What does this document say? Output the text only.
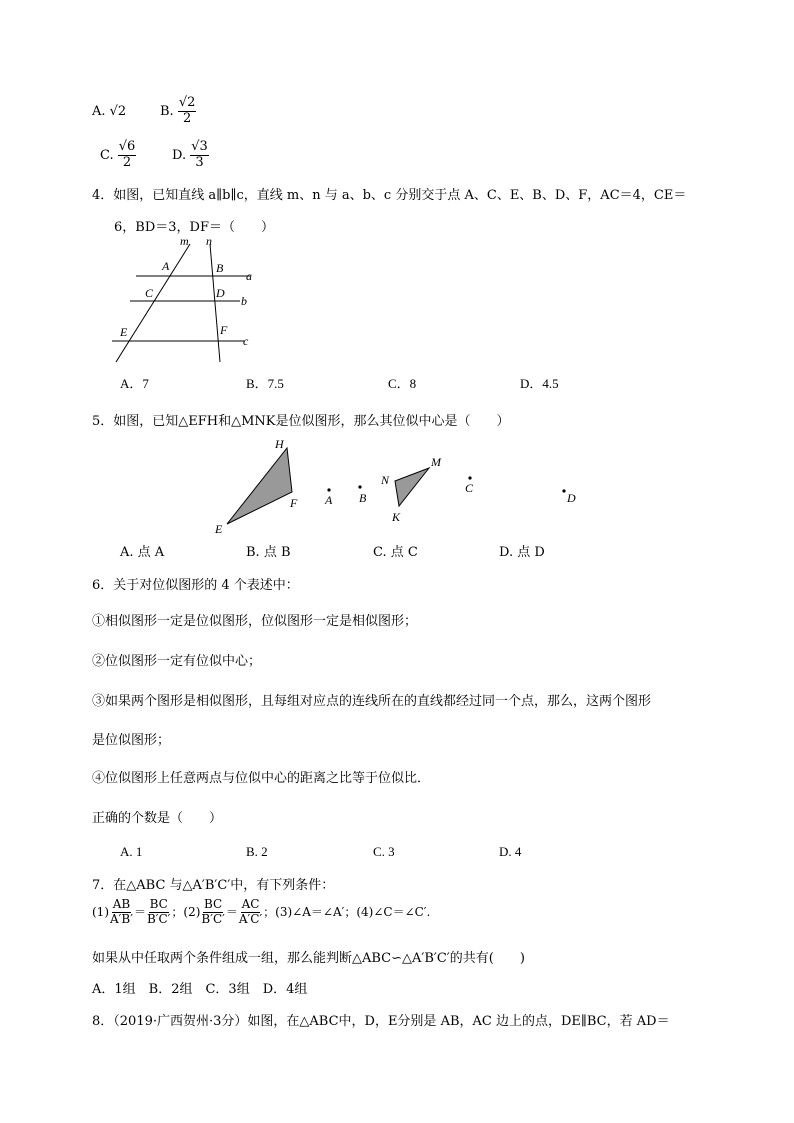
A. √2	B. $\frac{√2}{2}$
C. $\frac{√6}{2}$	D. $\frac{√3}{3}$
4．如图，已知直线 a∥b∥c，直线 m、n 与 a、b、c 分别交于点 A、C、E、B、D、F，AC＝4，CE＝
6，BD＝3，DF＝（　　）
m n
A	B
a
C	D
b
E	F
c
A．7	B．7.5	C．8	D．4.5
5．如图，已知△EFH和△MNK是位似图形，那么其位似中心是（　　）
H
E
F A B
N
M
K
C
D
A. 点 A	B. 点 B	C. 点 C	D. 点 D
6．关于对位似图形的 4 个表述中：
①相似图形一定是位似图形，位似图形一定是相似图形；
②位似图形一定有位似中心；
③如果两个图形是相似图形，且每组对应点的连线所在的直线都经过同一个点，那么，这两个图形
是位似图形；
④位似图形上任意两点与位似中心的距离之比等于位似比．
正确的个数是（　　）
A. 1	B. 2	C. 3	D. 4
7．在△ABC 与△A′B′C′中，有下列条件：
$(1) \frac{AB}{A'B'} = \frac{BC}{B'C'}$ ；$(2) \frac{BC}{B'C'} = \frac{AC}{A'C'}$ ；(3)∠A＝∠A′；(4)∠C＝∠C′.
如果从中任取两个条件组成一组，那么能判断△ABC∽△A′B′C′的共有(　　)
A．1组　B．2组　C．3组　D．4组
8．（2019·广西贺州·3分）如图，在△ABC中，D，E分别是 AB，AC 边上的点，DE∥BC，若 AD＝
